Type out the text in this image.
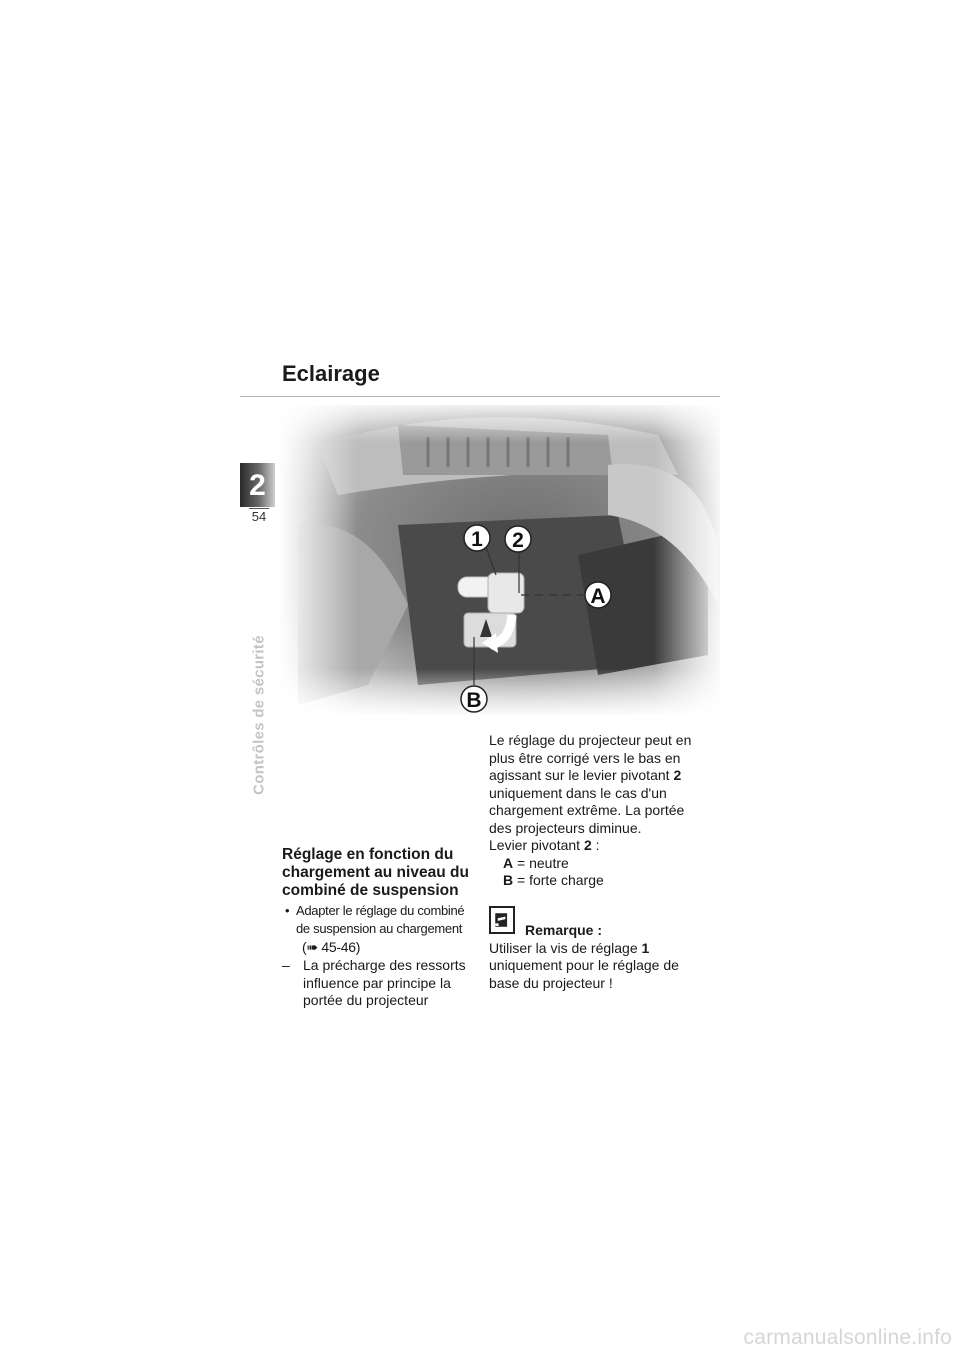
Eclairage
2
54
Contrôles de sécurité
1 2
A
B
Réglage en fonction du chargement au niveau du combiné de suspension
• Adapter le réglage du combiné de suspension au chargement
(➠ 45-46)
– La précharge des ressorts influence par principe la portée du projecteur

Le réglage du projecteur peut en plus être corrigé vers le bas en agissant sur le levier pivotant 2 uniquement dans le cas d'un chargement extrême. La portée des projecteurs diminue.

Levier pivotant 2 :

A = neutre

B = forte charge

Remarque :

Utiliser la vis de réglage 1 uniquement pour le réglage de base du projecteur !

carmanualsonline.info
